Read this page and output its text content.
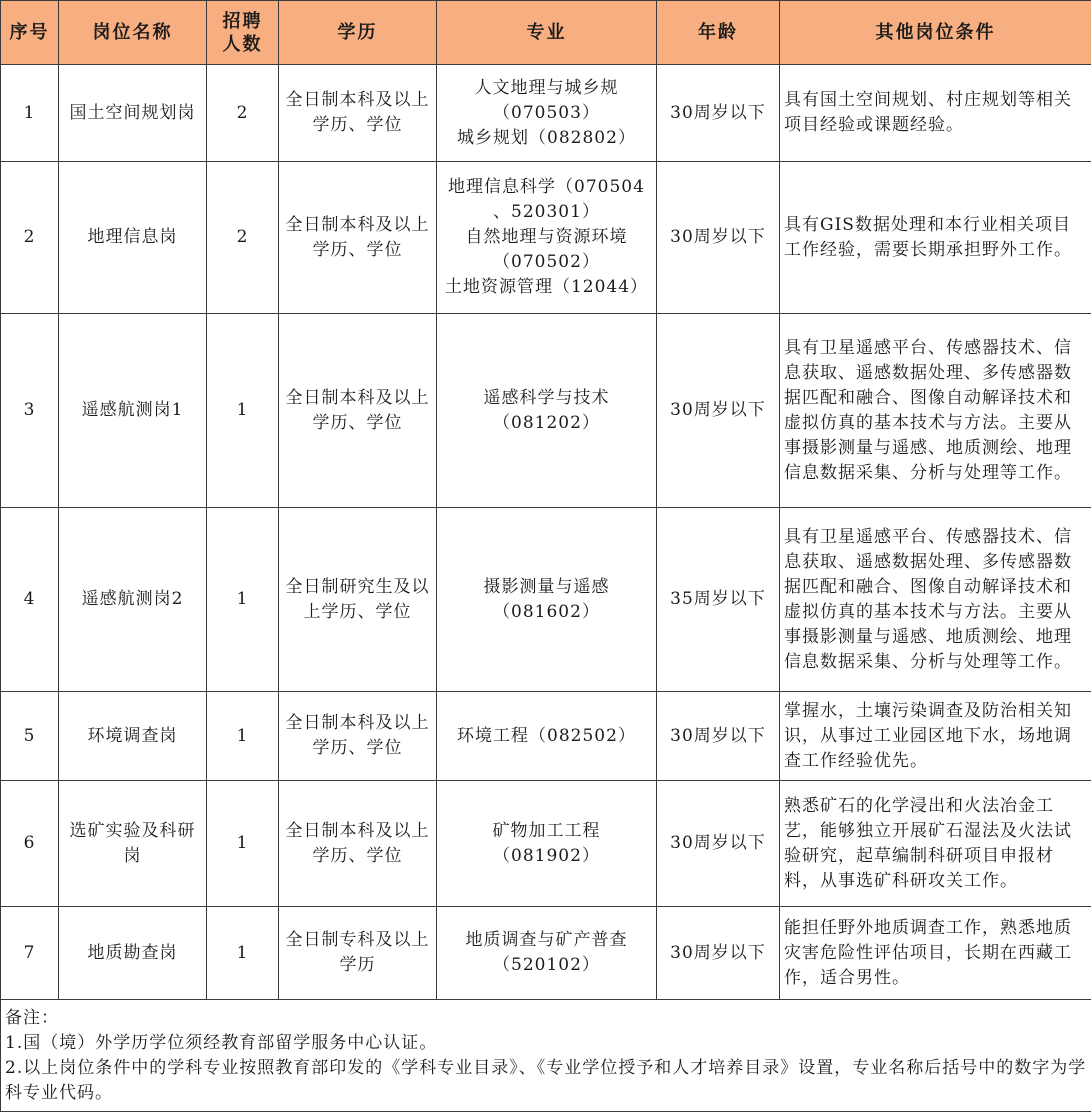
序号	岗位名称	招聘
人数	学历	专业	年龄	其他岗位条件
1	国土空间规划岗	2	全日制本科及以上学历、学位	人文地理与城乡规
（070503）
城乡规划（082802）	30周岁以下	具有国土空间规划、村庄规划等相关项目经验或课题经验。
2	地理信息岗	2	全日制本科及以上学历、学位	地理信息科学（070504
、520301）
自然地理与资源环境
（070502）
土地资源管理（12044）	30周岁以下	具有GIS数据处理和本行业相关项目工作经验，需要长期承担野外工作。
3	遥感航测岗1	1	全日制本科及以上学历、学位	遥感科学与技术
（081202）	30周岁以下	具有卫星遥感平台、传感器技术、信息获取、遥感数据处理、多传感器数据匹配和融合、图像自动解译技术和虚拟仿真的基本技术与方法。主要从事摄影测量与遥感、地质测绘、地理信息数据采集、分析与处理等工作。
4	遥感航测岗2	1	全日制研究生及以上学历、学位	摄影测量与遥感
（081602）	35周岁以下	具有卫星遥感平台、传感器技术、信息获取、遥感数据处理、多传感器数据匹配和融合、图像自动解译技术和虚拟仿真的基本技术与方法。主要从事摄影测量与遥感、地质测绘、地理信息数据采集、分析与处理等工作。
5	环境调查岗	1	全日制本科及以上学历、学位	环境工程（082502）	30周岁以下	掌握水，土壤污染调查及防治相关知识，从事过工业园区地下水，场地调查工作经验优先。
6	选矿实验及科研岗	1	全日制本科及以上学历、学位	矿物加工工程
（081902）	30周岁以下	熟悉矿石的化学浸出和火法冶金工艺，能够独立开展矿石湿法及火法试验研究，起草编制科研项目申报材料，从事选矿科研攻关工作。
7	地质勘查岗	1	全日制专科及以上学历	地质调查与矿产普查
（520102）	30周岁以下	能担任野外地质调查工作，熟悉地质灾害危险性评估项目，长期在西藏工作，适合男性。

备注：
1.国（境）外学历学位须经教育部留学服务中心认证。
2.以上岗位条件中的学科专业按照教育部印发的《学科专业目录》、《专业学位授予和人才培养目录》设置，专业名称后括号中的数字为学科专业代码。						
